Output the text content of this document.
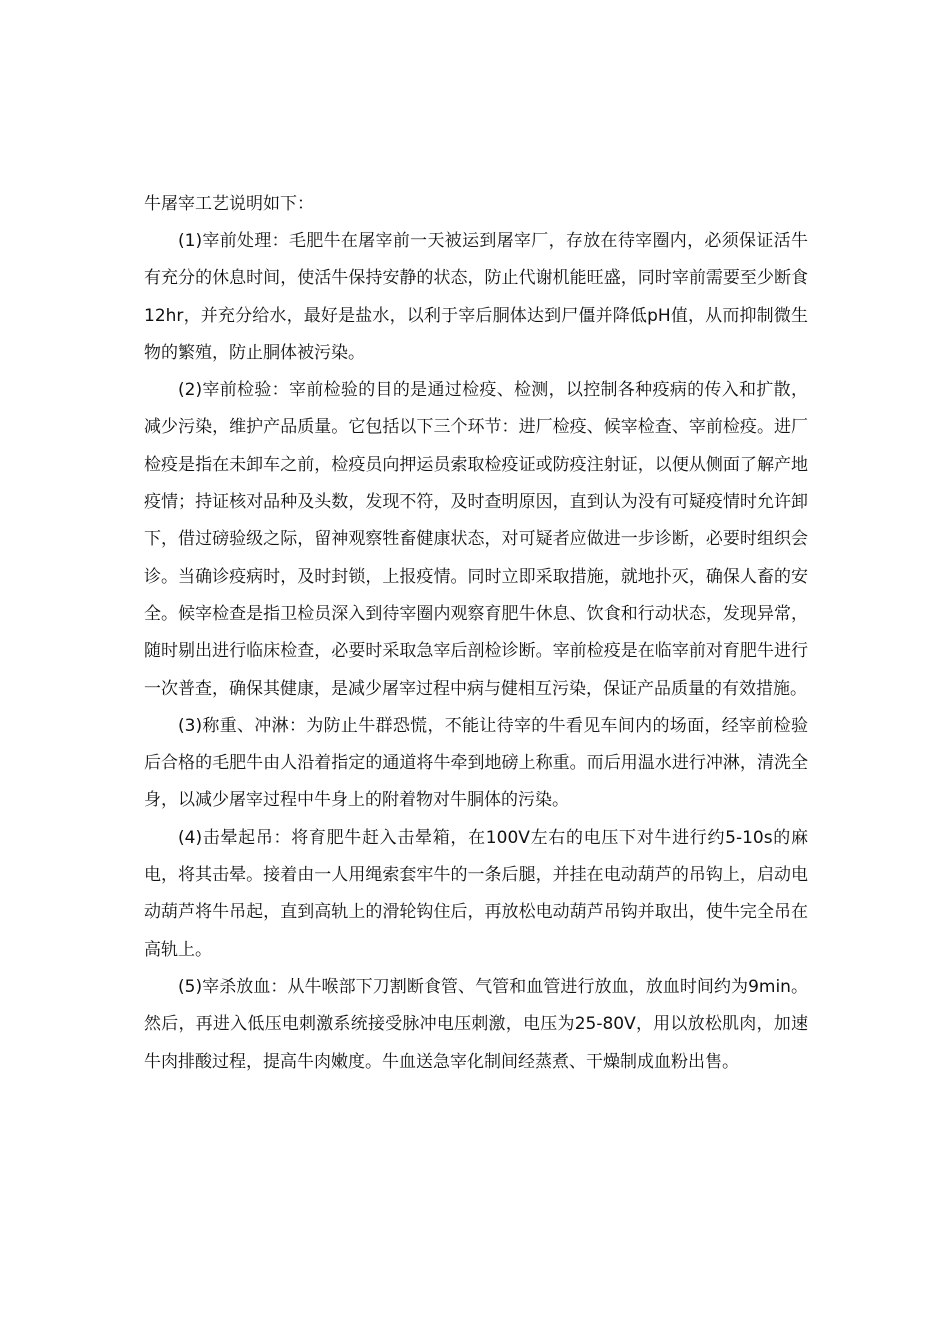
牛屠宰工艺说明如下：

(1)宰前处理：毛肥牛在屠宰前一天被运到屠宰厂，存放在待宰圈内，必须保证活牛有充分的休息时间，使活牛保持安静的状态，防止代谢机能旺盛，同时宰前需要至少断食12hr，并充分给水，最好是盐水，以利于宰后胴体达到尸僵并降低pH值，从而抑制微生物的繁殖，防止胴体被污染。

(2)宰前检验：宰前检验的目的是通过检疫、检测，以控制各种疫病的传入和扩散，减少污染，维护产品质量。它包括以下三个环节：进厂检疫、候宰检查、宰前检疫。进厂检疫是指在未卸车之前，检疫员向押运员索取检疫证或防疫注射证，以便从侧面了解产地疫情；持证核对品种及头数，发现不符，及时查明原因，直到认为没有可疑疫情时允许卸下，借过磅验级之际，留神观察牲畜健康状态，对可疑者应做进一步诊断，必要时组织会诊。当确诊疫病时，及时封锁，上报疫情。同时立即采取措施，就地扑灭，确保人畜的安全。候宰检查是指卫检员深入到待宰圈内观察育肥牛休息、饮食和行动状态，发现异常，随时剔出进行临床检查，必要时采取急宰后剖检诊断。宰前检疫是在临宰前对育肥牛进行一次普查，确保其健康，是减少屠宰过程中病与健相互污染，保证产品质量的有效措施。

(3)称重、冲淋：为防止牛群恐慌，不能让待宰的牛看见车间内的场面，经宰前检验后合格的毛肥牛由人沿着指定的通道将牛牵到地磅上称重。而后用温水进行冲淋，清洗全身，以减少屠宰过程中牛身上的附着物对牛胴体的污染。

(4)击晕起吊：将育肥牛赶入击晕箱，在100V左右的电压下对牛进行约5-10s的麻电，将其击晕。接着由一人用绳索套牢牛的一条后腿，并挂在电动葫芦的吊钩上，启动电动葫芦将牛吊起，直到高轨上的滑轮钩住后，再放松电动葫芦吊钩并取出，使牛完全吊在高轨上。

(5)宰杀放血：从牛喉部下刀割断食管、气管和血管进行放血，放血时间约为9min。然后，再进入低压电刺激系统接受脉冲电压刺激，电压为25-80V，用以放松肌肉，加速牛肉排酸过程，提高牛肉嫩度。牛血送急宰化制间经蒸煮、干燥制成血粉出售。
